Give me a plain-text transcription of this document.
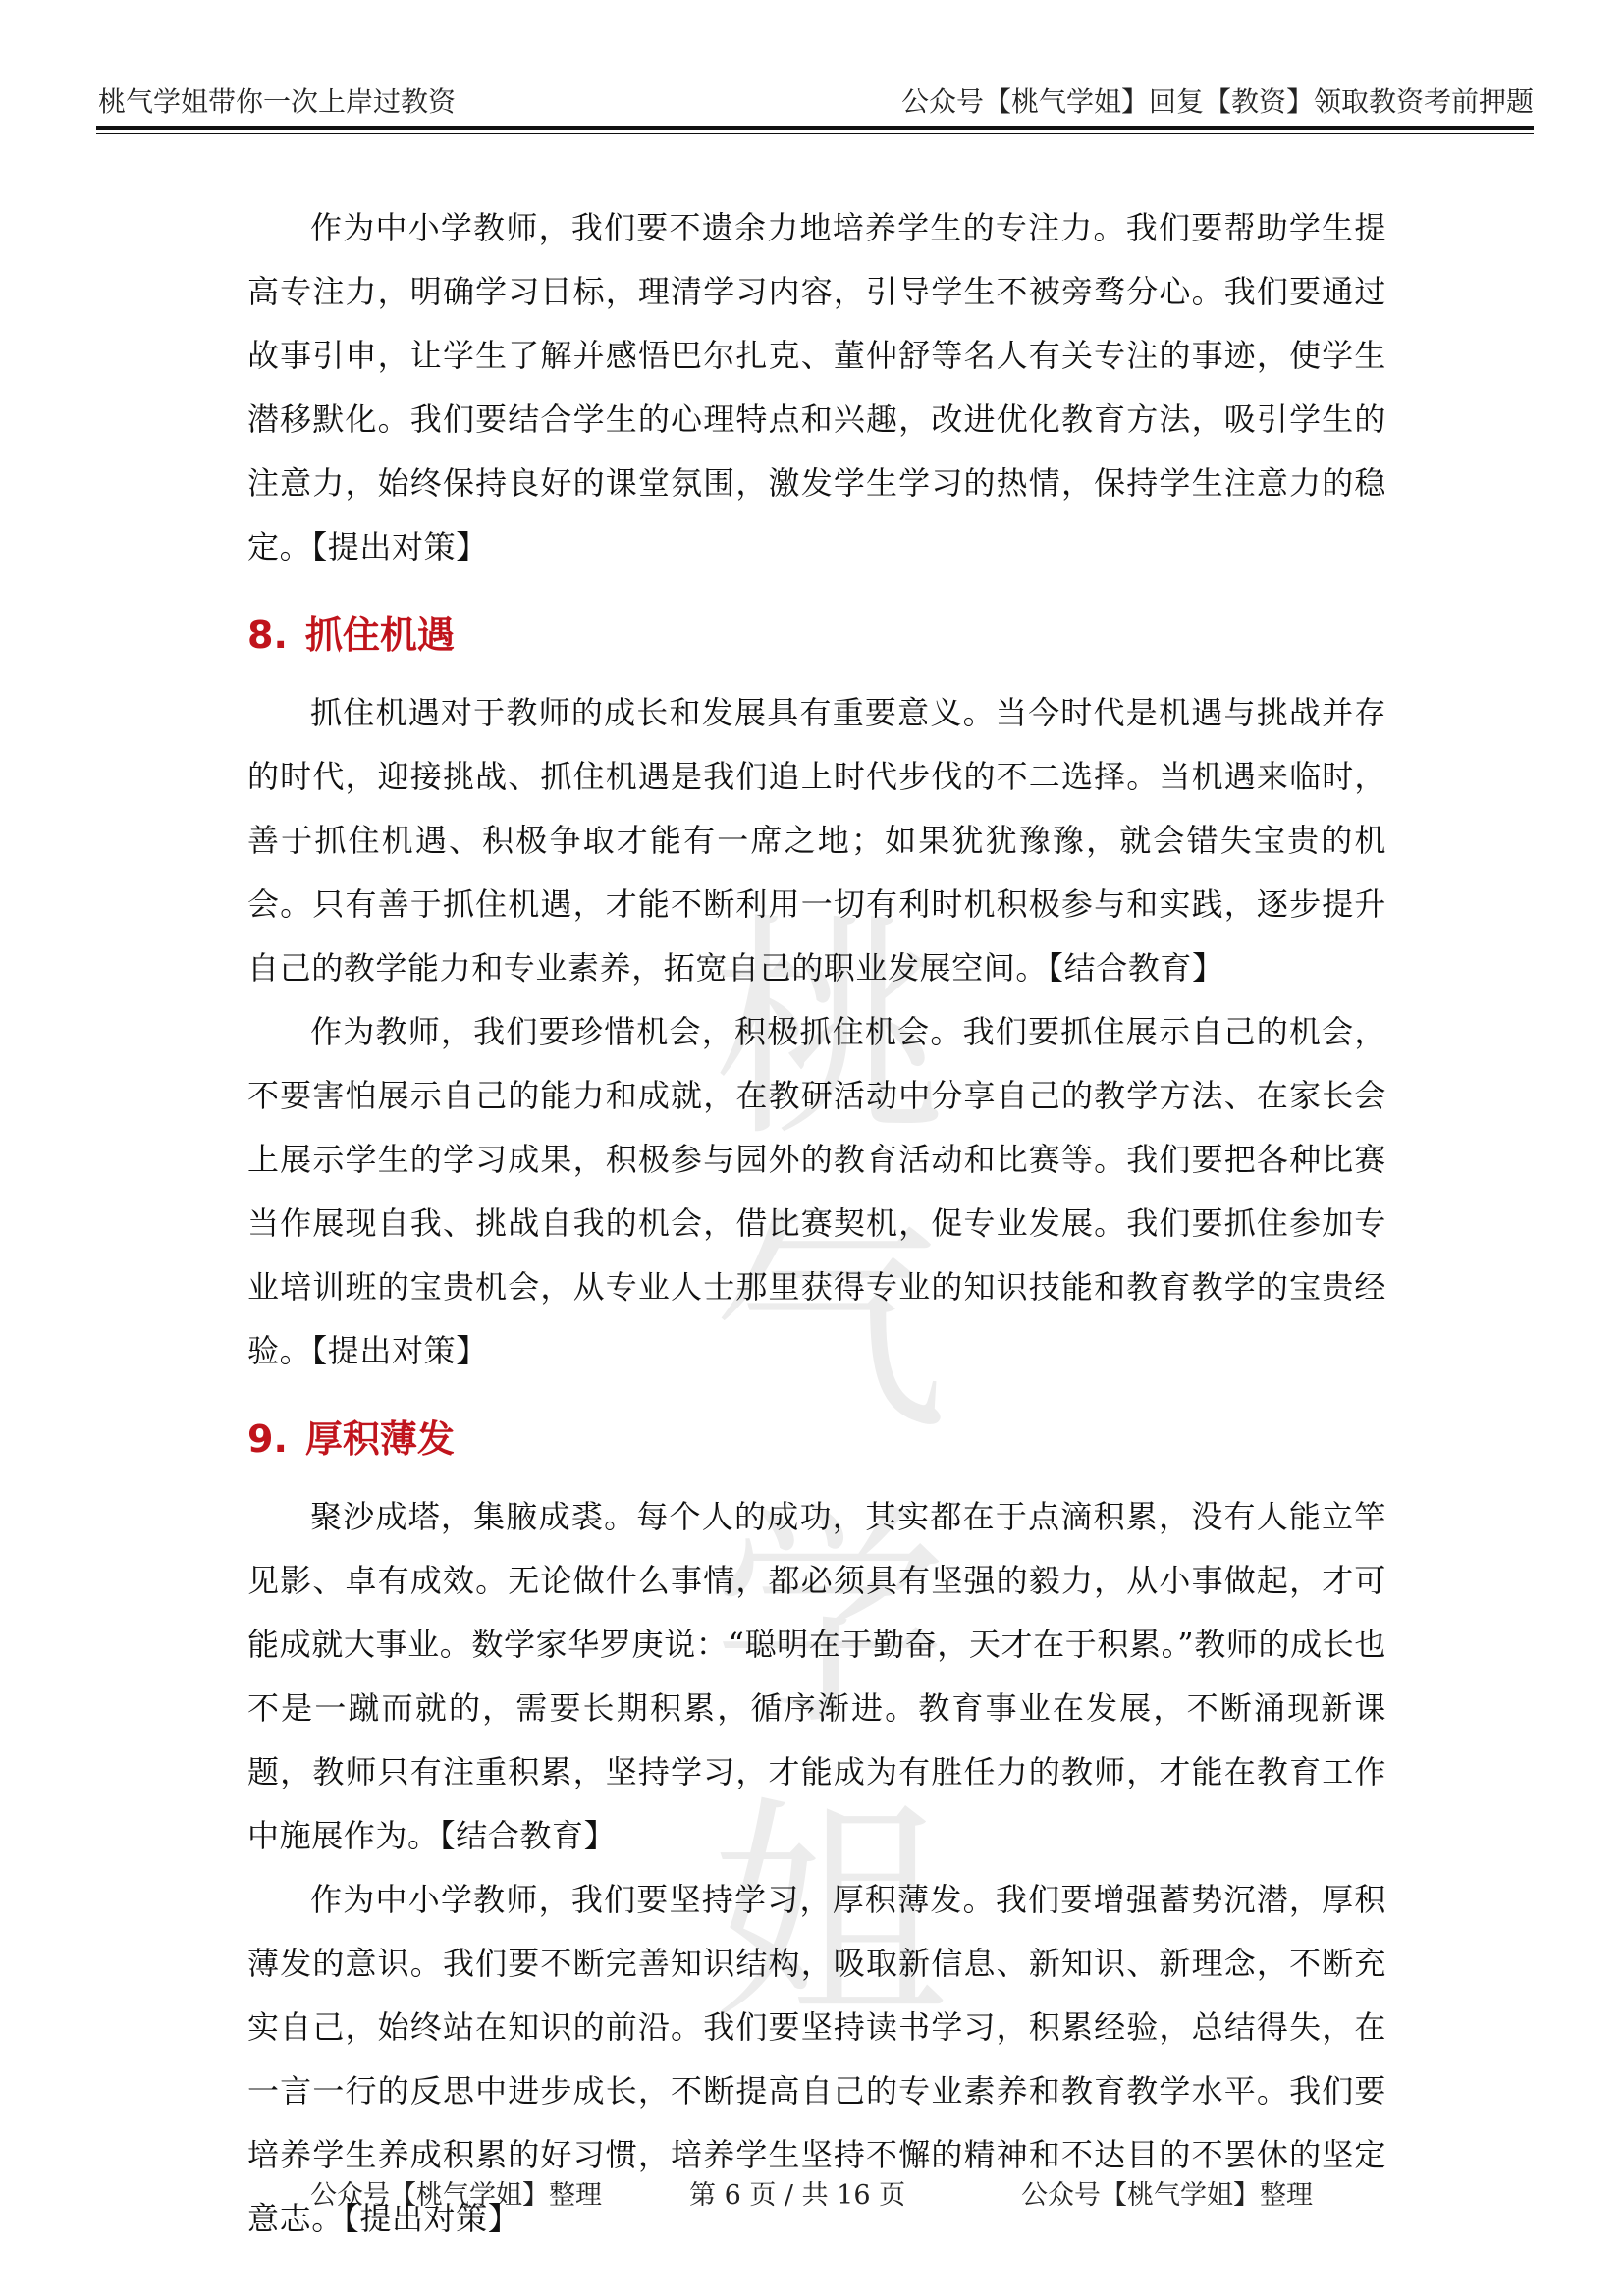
桃气
学姐
桃气学姐带你一次上岸过教资	公众号【桃气学姐】回复【教资】领取教资考前押题

作为中小学教师，我们要不遗余力地培养学生的专注力。我们要帮助学生提高专注力，明确学习目标，理清学习内容，引导学生不被旁骛分心。我们要通过故事引申，让学生了解并感悟巴尔扎克、董仲舒等名人有关专注的事迹，使学生潜移默化。我们要结合学生的心理特点和兴趣，改进优化教育方法，吸引学生的注意力，始终保持良好的课堂氛围，激发学生学习的热情，保持学生注意力的稳定。【提出对策】

8. 抓住机遇

抓住机遇对于教师的成长和发展具有重要意义。当今时代是机遇与挑战并存的时代，迎接挑战、抓住机遇是我们追上时代步伐的不二选择。当机遇来临时，善于抓住机遇、积极争取才能有一席之地；如果犹犹豫豫，就会错失宝贵的机会。只有善于抓住机遇，才能不断利用一切有利时机积极参与和实践，逐步提升自己的教学能力和专业素养，拓宽自己的职业发展空间。【结合教育】

作为教师，我们要珍惜机会，积极抓住机会。我们要抓住展示自己的机会，不要害怕展示自己的能力和成就，在教研活动中分享自己的教学方法、在家长会上展示学生的学习成果，积极参与园外的教育活动和比赛等。我们要把各种比赛当作展现自我、挑战自我的机会，借比赛契机，促专业发展。我们要抓住参加专业培训班的宝贵机会，从专业人士那里获得专业的知识技能和教育教学的宝贵经验。【提出对策】

9. 厚积薄发

聚沙成塔，集腋成裘。每个人的成功，其实都在于点滴积累，没有人能立竿见影、卓有成效。无论做什么事情，都必须具有坚强的毅力，从小事做起，才可能成就大事业。数学家华罗庚说：“聪明在于勤奋，天才在于积累。”教师的成长也不是一蹴而就的，需要长期积累，循序渐进。教育事业在发展，不断涌现新课题，教师只有注重积累，坚持学习，才能成为有胜任力的教师，才能在教育工作中施展作为。【结合教育】

作为中小学教师，我们要坚持学习，厚积薄发。我们要增强蓄势沉潜，厚积薄发的意识。我们要不断完善知识结构，吸取新信息、新知识、新理念，不断充实自己，始终站在知识的前沿。我们要坚持读书学习，积累经验，总结得失，在一言一行的反思中进步成长，不断提高自己的专业素养和教育教学水平。我们要培养学生养成积累的好习惯，培养学生坚持不懈的精神和不达目的不罢休的坚定意志。【提出对策】

公众号【桃气学姐】整理	第 6 页 / 共 16 页	公众号【桃气学姐】整理
